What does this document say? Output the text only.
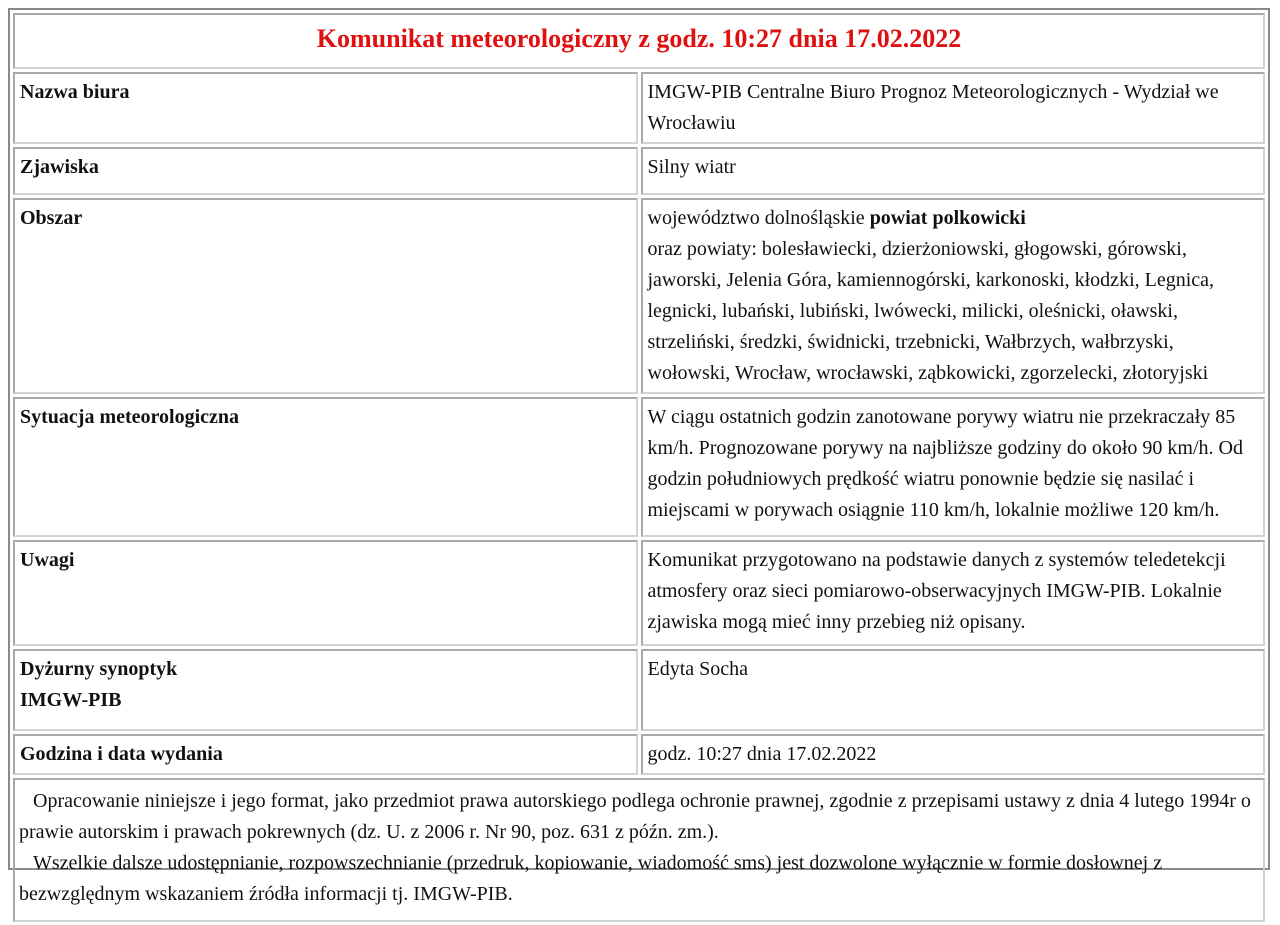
Komunikat meteorologiczny z godz. 10:27 dnia 17.02.2022	
Nazwa biura	IMGW-PIB Centralne Biuro Prognoz Meteorologicznych - Wydział we Wrocławiu
Zjawiska	Silny wiatr
Obszar	województwo dolnośląskie powiat polkowicki
oraz powiaty: bolesławiecki, dzierżoniowski, głogowski, górowski, jaworski, Jelenia Góra, kamiennogórski, karkonoski, kłodzki, Legnica, legnicki, lubański, lubiński, lwówecki, milicki, oleśnicki, oławski, strzeliński, średzki, świdnicki, trzebnicki, Wałbrzych, wałbrzyski, wołowski, Wrocław, wrocławski, ząbkowicki, zgorzelecki, złotoryjski
Sytuacja meteorologiczna	W ciągu ostatnich godzin zanotowane porywy wiatru nie przekraczały 85 km/h. Prognozowane porywy na najbliższe godziny do około 90 km/h. Od godzin południowych prędkość wiatru ponownie będzie się nasilać i miejscami w porywach osiągnie 110 km/h, lokalnie możliwe 120 km/h.
Uwagi	Komunikat przygotowano na podstawie danych z systemów teledetekcji atmosfery oraz sieci pomiarowo-obserwacyjnych IMGW-PIB. Lokalnie zjawiska mogą mieć inny przebieg niż opisany.
Dyżurny synoptyk
IMGW-PIB	Edyta Socha
Godzina i data wydania	godz. 10:27 dnia 17.02.2022

Opracowanie niniejsze i jego format, jako przedmiot prawa autorskiego podlega ochronie prawnej, zgodnie z przepisami ustawy z dnia 4 lutego 1994r o prawie autorskim i prawach pokrewnych (dz. U. z 2006 r. Nr 90, poz. 631 z późn. zm.).

Wszelkie dalsze udostępnianie, rozpowszechnianie (przedruk, kopiowanie, wiadomość sms) jest dozwolone wyłącznie w formie dosłownej z bezwzględnym wskazaniem źródła informacji tj. IMGW-PIB.	
